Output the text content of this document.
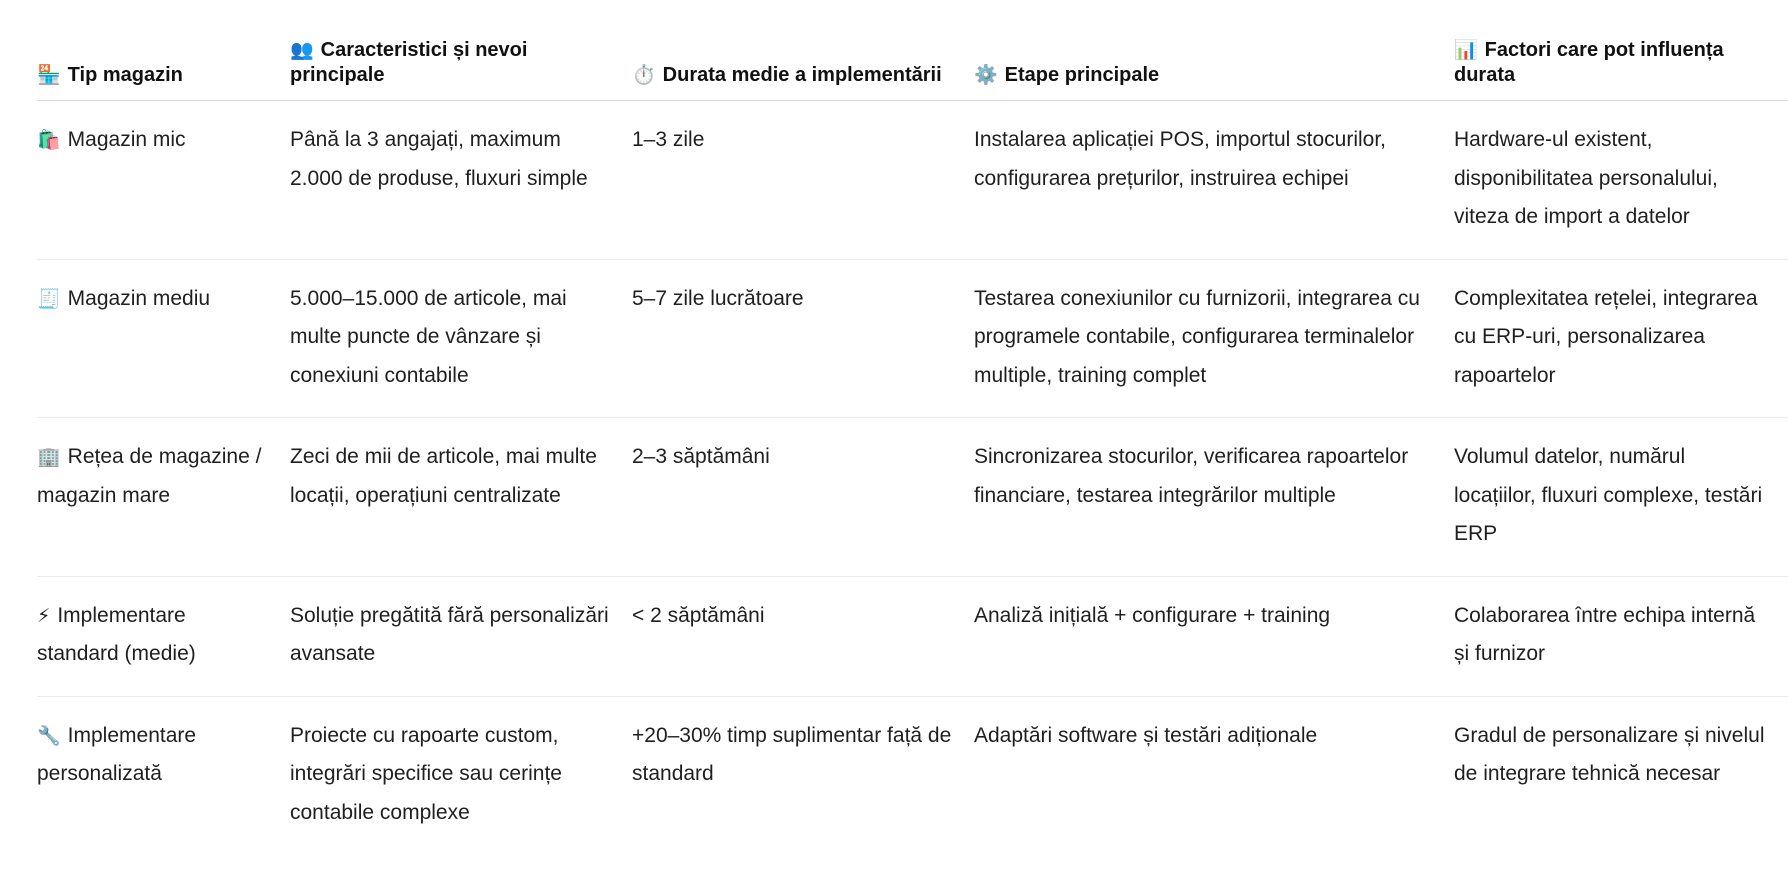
🏪 Tip magazin	👥 Caracteristici și nevoi principale	⏱️ Durata medie a implementării	⚙️ Etape principale	📊 Factori care pot influența durata
🛍️ Magazin mic	Până la 3 angajați, maximum 2.000 de produse, fluxuri simple	1–3 zile	Instalarea aplicației POS, importul stocurilor, configurarea prețurilor, instruirea echipei	Hardware-ul existent, disponibilitatea personalului, viteza de import a datelor
🧾 Magazin mediu	5.000–15.000 de articole, mai multe puncte de vânzare și conexiuni contabile	5–7 zile lucrătoare	Testarea conexiunilor cu furnizorii, integrarea cu programele contabile, configurarea terminalelor multiple, training complet	Complexitatea rețelei, integrarea cu ERP-uri, personalizarea rapoartelor
🏢 Rețea de magazine / magazin mare	Zeci de mii de articole, mai multe locații, operațiuni centralizate	2–3 săptămâni	Sincronizarea stocurilor, verificarea rapoartelor financiare, testarea integrărilor multiple	Volumul datelor, numărul locațiilor, fluxuri complexe, testări ERP
⚡ Implementare standard (medie)	Soluție pregătită fără personalizări avansate	< 2 săptămâni	Analiză inițială + configurare + training	Colaborarea între echipa internă și furnizor
🔧 Implementare personalizată	Proiecte cu rapoarte custom, integrări specifice sau cerințe contabile complexe	+20–30% timp suplimentar față de standard	Adaptări software și testări adiționale	Gradul de personalizare și nivelul de integrare tehnică necesar
